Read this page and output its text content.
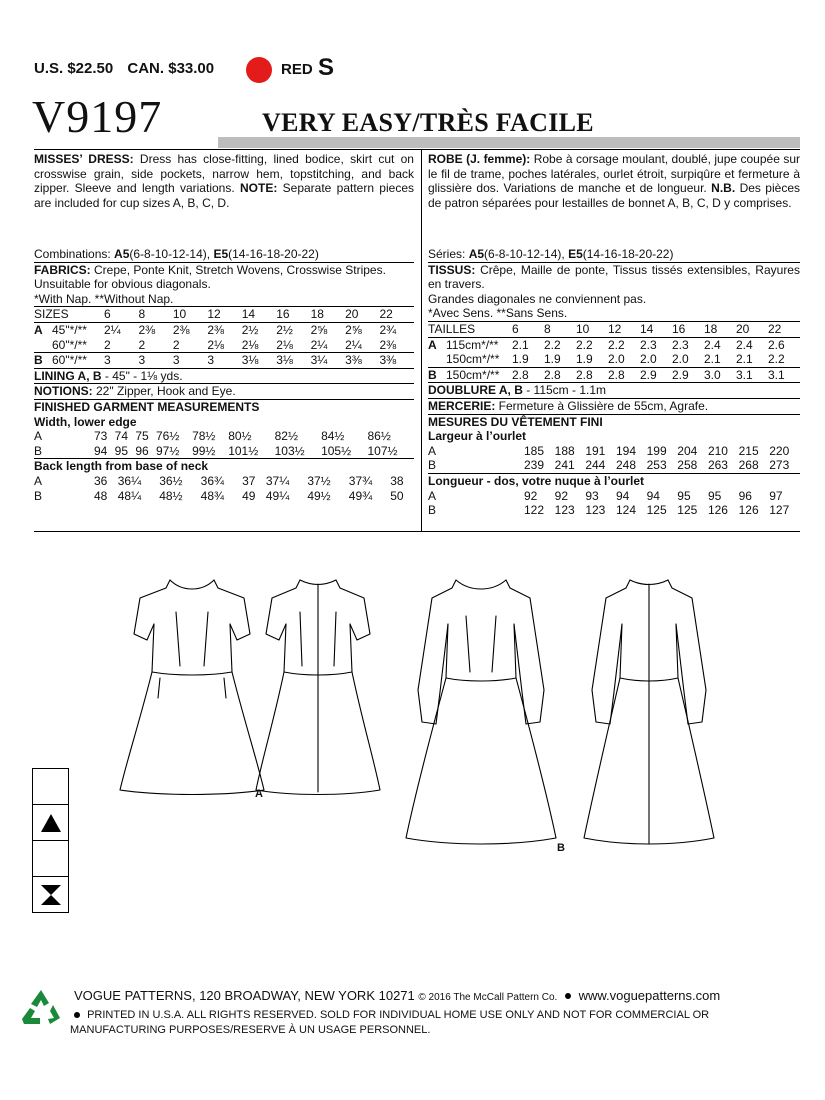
U.S. $22.50 CAN. $33.00	RED S
V9197	VERY EASY/TRÈS FACILE
MISSES’ DRESS: Dress has close-fitting, lined bodice, skirt cut on crosswise grain, side pockets, narrow hem, topstitching, and back zipper. Sleeve and length variations. NOTE: Separate pattern pieces are included for cup sizes A, B, C, D.
Combinations: A5(6-8-10-12-14), E5(14-16-18-20-22)
FABRICS: Crepe, Ponte Knit, Stretch Wovens, Crosswise Stripes.
Unsuitable for obvious diagonals.
*With Nap. **Without Nap.
SIZES	6	8	10	12	14	16	18	20	22
A 45"*/**	2¼	2⅜	2⅜	2⅜	2½	2½	2⅝	2⅝	2¾
60"*/**	2	2	2	2⅛	2⅛	2⅛	2¼	2¼	2⅜
B 60"*/**	3	3	3	3	3⅛	3⅛	3¼	3⅜	3⅜
LINING A, B - 45" - 1⅛ yds.
NOTIONS: 22" Zipper, Hook and Eye.
FINISHED GARMENT MEASUREMENTS
Width, lower edge
A	73	74	75	76½	78½	80½	82½	84½	86½
B	94	95	96	97½	99½	101½	103½	105½	107½
Back length from base of neck
A	36	36¼	36½	36¾	37	37¼	37½	37¾	38
B	48	48¼	48½	48¾	49	49¼	49½	49¾	50
ROBE (J. femme): Robe à corsage moulant, doublé, jupe coupée sur le fil de trame, poches latérales, ourlet étroit, surpiqûre et fermeture à glissière dos. Variations de manche et de longueur. N.B. Des pièces de patron séparées pour lestailles de bonnet A, B, C, D y comprises.
Séries: A5(6-8-10-12-14), E5(14-16-18-20-22)
TISSUS: Crêpe, Maille de ponte, Tissus tissés extensibles, Rayures en travers.
Grandes diagonales ne conviennent pas.
*Avec Sens. **Sans Sens.
TAILLES	6	8	10	12	14	16	18	20	22
A 115cm*/**	2.1	2.2	2.2	2.2	2.3	2.3	2.4	2.4	2.6
150cm*/**	1.9	1.9	1.9	2.0	2.0	2.0	2.1	2.1	2.2
B 150cm*/**	2.8	2.8	2.8	2.8	2.9	2.9	3.0	3.1	3.1
DOUBLURE A, B - 115cm - 1.1m
MERCERIE: Fermeture à Glissière de 55cm, Agrafe.
MESURES DU VÊTEMENT FINI
Largeur à l’ourlet
A	185	188	191	194	199	204	210	215	220
B	239	241	244	248	253	258	263	268	273
Longueur - dos, votre nuque à l’ourlet
A	92	92	93	94	94	95	95	96	97
B	122	123	123	124	125	125	126	126	127
A
B
VOGUE PATTERNS, 120 BROADWAY, NEW YORK 10271 © 2016 The McCall Pattern Co. www.voguepatterns.com
PRINTED IN U.S.A. ALL RIGHTS RESERVED. SOLD FOR INDIVIDUAL HOME USE ONLY AND NOT FOR COMMERCIAL OR MANUFACTURING PURPOSES/RESERVE À UN USAGE PERSONNEL.
